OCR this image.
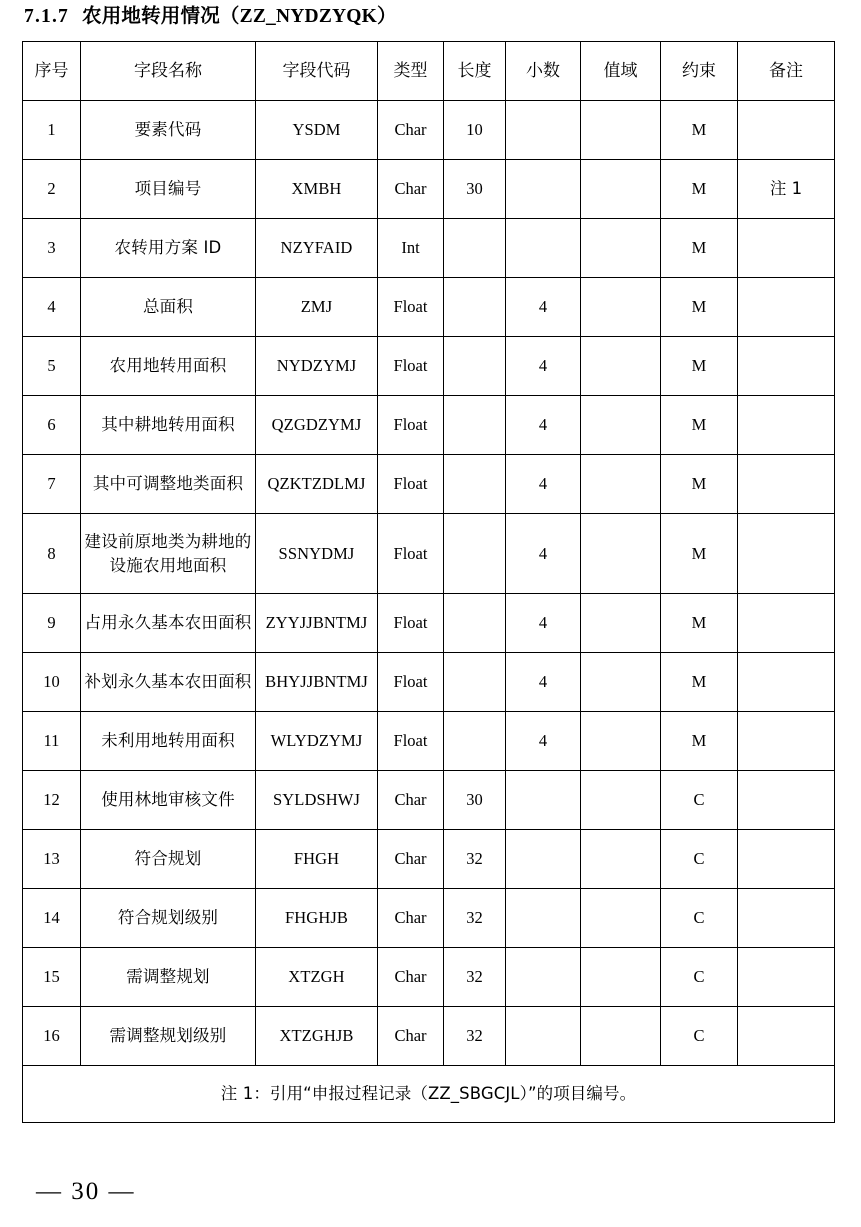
7.1.7 农用地转用情况（ZZ_NYDZYQK）
序号	字段名称	字段代码	类型	长度	小数	值域	约束	备注
1	要素代码	YSDM	Char	10			M	
2	项目编号	XMBH	Char	30			M	注 1
3	农转用方案 ID	NZYFAID	Int				M	
4	总面积	ZMJ	Float		4		M	
5	农用地转用面积	NYDZYMJ	Float		4		M	
6	其中耕地转用面积	QZGDZYMJ	Float		4		M	
7	其中可调整地类面积	QZKTZDLMJ	Float		4		M	
8	建设前原地类为耕地的
设施农用地面积	SSNYDMJ	Float		4		M	
9	占用永久基本农田面积	ZYYJJBNTMJ	Float		4		M	
10	补划永久基本农田面积	BHYJJBNTMJ	Float		4		M	
11	未利用地转用面积	WLYDZYMJ	Float		4		M	
12	使用林地审核文件	SYLDSHWJ	Char	30			C	
13	符合规划	FHGH	Char	32			C	
14	符合规划级别	FHGHJB	Char	32			C	
15	需调整规划	XTZGH	Char	32			C	
16	需调整规划级别	XTZGHJB	Char	32			C	
注 1：引用“申报过程记录（ZZ_SBGCJL）”的项目编号。								
— 30 —
